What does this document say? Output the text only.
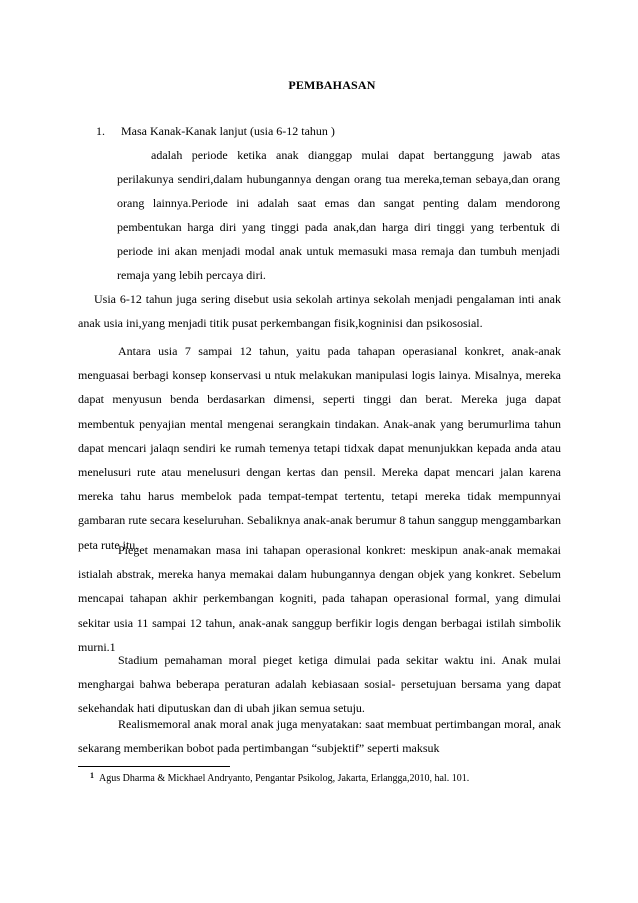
PEMBAHASAN
1. Masa Kanak-Kanak lanjut (usia 6-12 tahun )
adalah periode ketika anak dianggap mulai dapat bertanggung jawab atas perilakunya sendiri,dalam hubungannya dengan orang tua mereka,teman sebaya,dan orang orang lainnya.Periode ini adalah saat emas dan sangat penting dalam mendorong pembentukan harga diri yang tinggi pada anak,dan harga diri tinggi yang terbentuk di periode ini akan menjadi modal anak untuk memasuki masa remaja dan tumbuh menjadi remaja yang lebih percaya diri.

Usia 6-12 tahun juga sering disebut usia sekolah artinya sekolah menjadi pengalaman inti anak anak usia ini,yang menjadi titik pusat perkembangan fisik,kogninisi dan psikososial.

Antara usia 7 sampai 12 tahun, yaitu pada tahapan operasianal konkret, anak-anak menguasai berbagi konsep konservasi u ntuk melakukan manipulasi logis lainya. Misalnya, mereka dapat menyusun benda berdasarkan dimensi, seperti tinggi dan berat. Mereka juga dapat membentuk penyajian mental mengenai serangkain tindakan. Anak-anak yang berumurlima tahun dapat mencari jalaqn sendiri ke rumah temenya tetapi tidxak dapat menunjukkan kepada anda atau menelusuri rute atau menelusuri dengan kertas dan pensil. Mereka dapat mencari jalan karena mereka tahu harus membelok pada tempat-tempat tertentu, tetapi mereka tidak mempunnyai gambaran rute secara keseluruhan. Sebaliknya anak-anak berumur 8 tahun sanggup menggambarkan peta rute itu.

Pieget menamakan masa ini tahapan operasional konkret: meskipun anak-anak memakai istialah abstrak, mereka hanya memakai dalam hubungannya dengan objek yang konkret. Sebelum mencapai tahapan akhir perkembangan kogniti, pada tahapan operasional formal, yang dimulai sekitar usia 11 sampai 12 tahun, anak-anak sanggup berfikir logis dengan berbagai istilah simbolik murni.1

Stadium pemahaman moral pieget ketiga dimulai pada sekitar waktu ini. Anak mulai menghargai bahwa beberapa peraturan adalah kebiasaan sosial- persetujuan bersama yang dapat sekehandak hati diputuskan dan di ubah jikan semua setuju.

Realismemoral anak moral anak juga menyatakan: saat membuat pertimbangan moral, anak sekarang memberikan bobot pada pertimbangan “subjektif” seperti maksuk

$^1$ Agus Dharma & Mickhael Andryanto, Pengantar Psikolog, Jakarta, Erlangga,2010, hal. 101.
